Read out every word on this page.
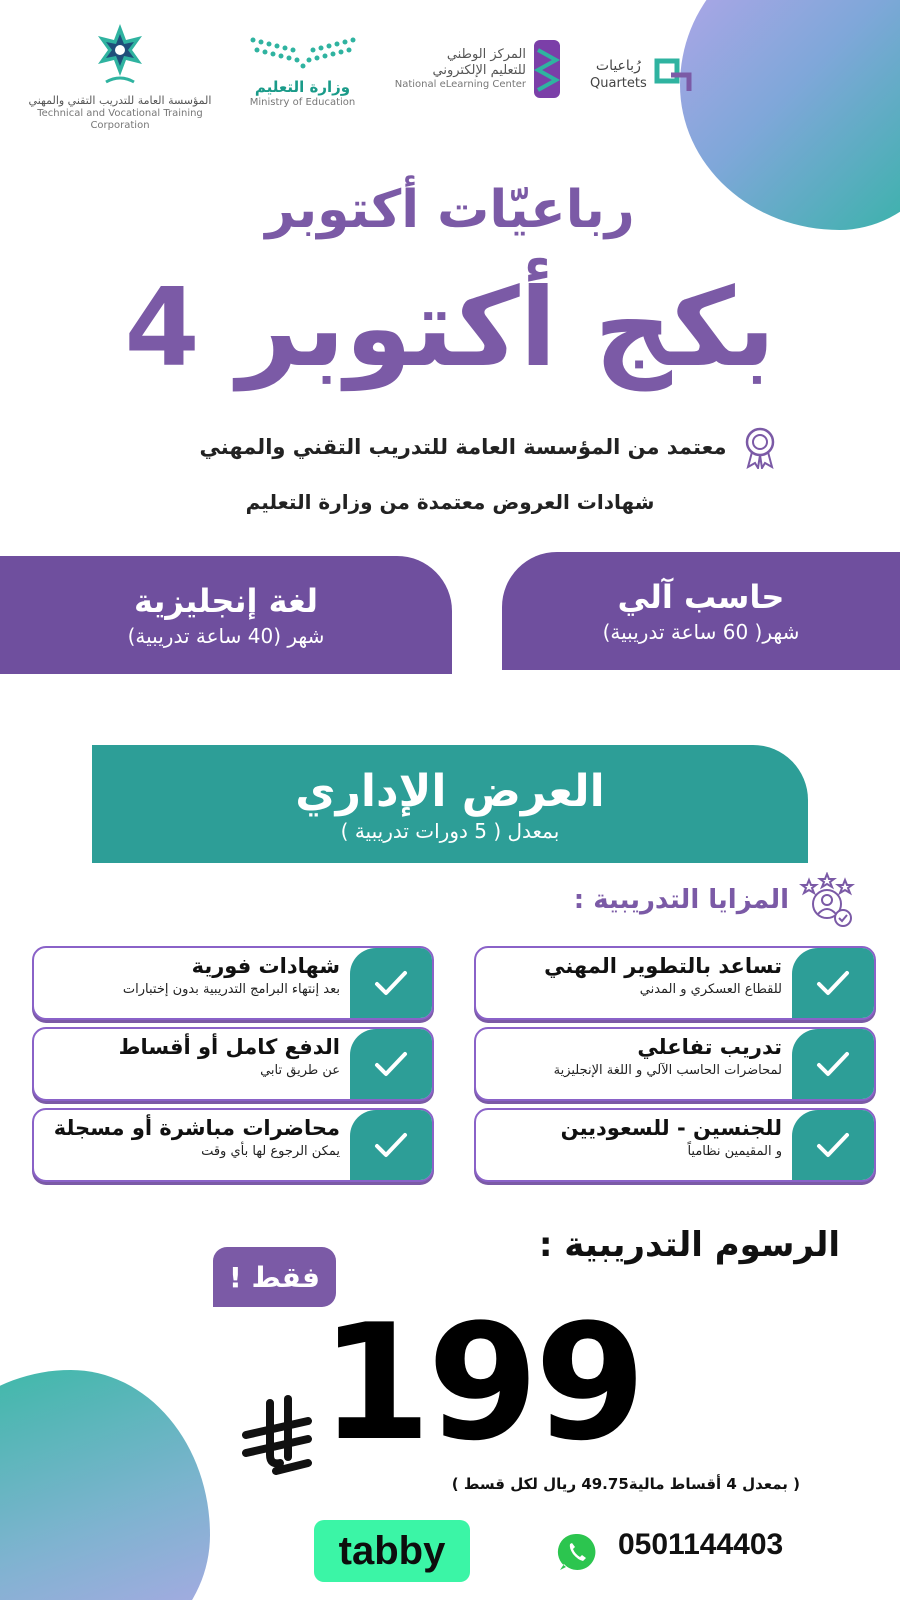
المؤسسة العامة للتدريب التقني والمهني
Technical and Vocational Training Corporation
وزارة التعليم
Ministry of Education
المركز الوطني
للتعليم الإلكتروني
National eLearning Center
رُباعيات
Quartets
رباعيّات أكتوبر
بكج أكتوبر 4
معتمد من المؤسسة العامة للتدريب التقني والمهني
شهادات العروض معتمدة من وزارة التعليم
حاسب آلي
شهر( 60 ساعة تدريبية)
لغة إنجليزية
شهر (40 ساعة تدريبية)
العرض الإداري
بمعدل ( 5 دورات تدريبية )
المزايا التدريبية :
تساعد بالتطوير المهني
للقطاع العسكري و المدني
شهادات فورية
بعد إنتهاء البرامج التدريبية بدون إختبارات
تدريب تفاعلي
لمحاضرات الحاسب الآلي و اللغة الإنجليزية
الدفع كامل أو أقساط
عن طريق تابي
للجنسين - للسعوديين
و المقيمين نظامياً
محاضرات مباشرة أو مسجلة
يمكن الرجوع لها بأي وقت
الرسوم التدريبية :
فقط !
199
( بمعدل 4 أقساط مالية49.75 ريال لكل قسط )
tabby	0501144403
